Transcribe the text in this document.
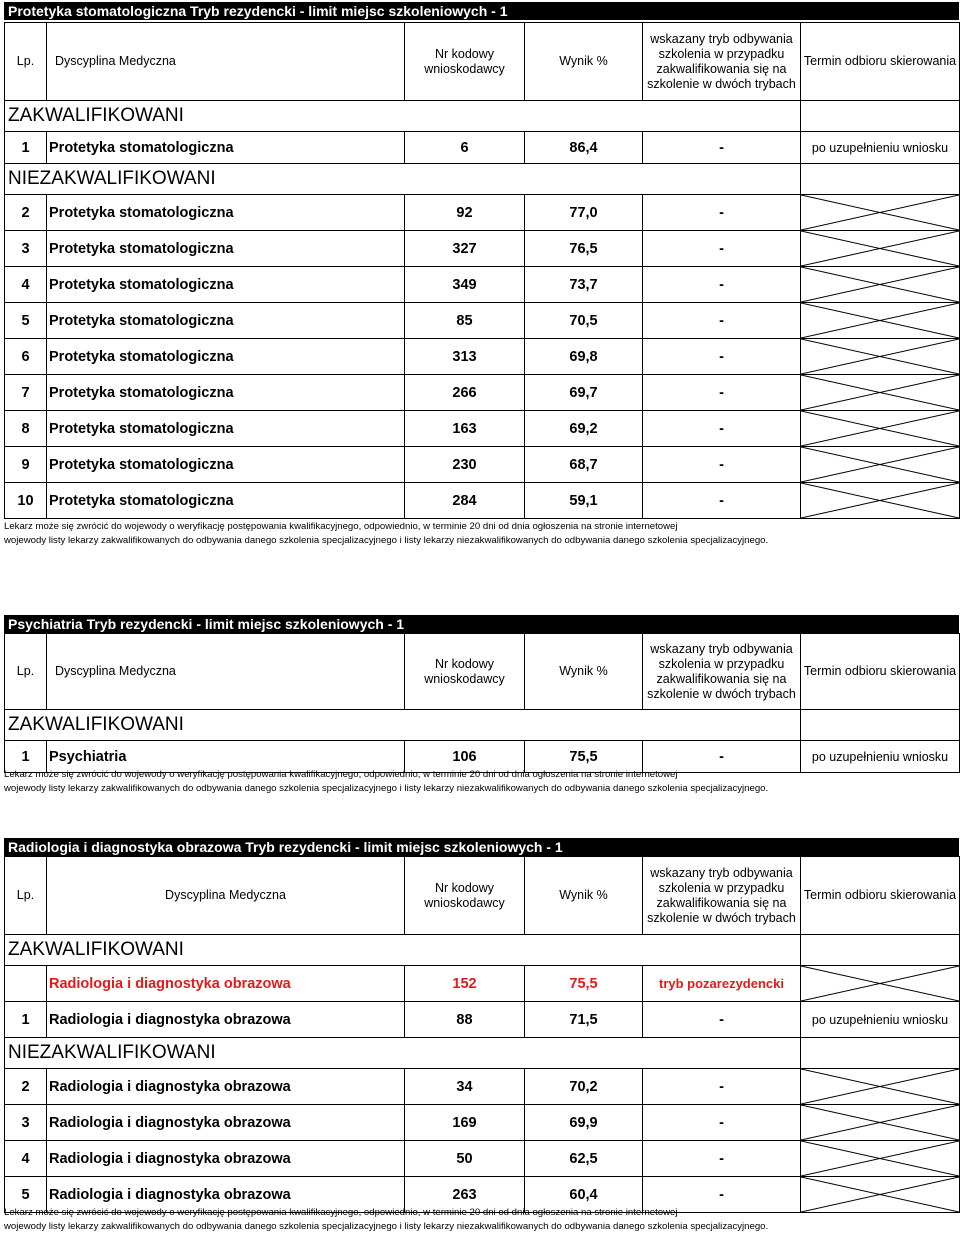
Protetyka stomatologiczna Tryb rezydencki - limit miejsc szkoleniowych - 1
Lp.	Dyscyplina Medyczna	Nr kodowy wnioskodawcy	Wynik %	wskazany tryb odbywania szkolenia w przypadku zakwalifikowania się na szkolenie w dwóch trybach	Termin odbioru skierowania
ZAKWALIFIKOWANI					
1	Protetyka stomatologiczna	6	86,4	-	po uzupełnieniu wniosku
NIEZAKWALIFIKOWANI					
2	Protetyka stomatologiczna	92	77,0	-	

3	Protetyka stomatologiczna	327	76,5	-	

4	Protetyka stomatologiczna	349	73,7	-	

5	Protetyka stomatologiczna	85	70,5	-	

6	Protetyka stomatologiczna	313	69,8	-	

7	Protetyka stomatologiczna	266	69,7	-	

8	Protetyka stomatologiczna	163	69,2	-	

9	Protetyka stomatologiczna	230	68,7	-	

10	Protetyka stomatologiczna	284	59,1	-	
Lekarz może się zwrócić do wojewody o weryfikację postępowania kwalifikacyjnego, odpowiednio, w terminie 20 dni od dnia ogłoszenia na stronie internetowej
wojewody listy lekarzy zakwalifikowanych do odbywania danego szkolenia specjalizacyjnego i listy lekarzy niezakwalifikowanych do odbywania danego szkolenia specjalizacyjnego.
Psychiatria Tryb rezydencki - limit miejsc szkoleniowych - 1
Lp.	Dyscyplina Medyczna	Nr kodowy wnioskodawcy	Wynik %	wskazany tryb odbywania szkolenia w przypadku zakwalifikowania się na szkolenie w dwóch trybach	Termin odbioru skierowania
ZAKWALIFIKOWANI					
1	Psychiatria	106	75,5	-	po uzupełnieniu wniosku
Lekarz może się zwrócić do wojewody o weryfikację postępowania kwalifikacyjnego, odpowiednio, w terminie 20 dni od dnia ogłoszenia na stronie internetowej
wojewody listy lekarzy zakwalifikowanych do odbywania danego szkolenia specjalizacyjnego i listy lekarzy niezakwalifikowanych do odbywania danego szkolenia specjalizacyjnego.
Radiologia i diagnostyka obrazowa Tryb rezydencki - limit miejsc szkoleniowych - 1
Lp.	Dyscyplina Medyczna	Nr kodowy wnioskodawcy	Wynik %	wskazany tryb odbywania szkolenia w przypadku zakwalifikowania się na szkolenie w dwóch trybach	Termin odbioru skierowania
ZAKWALIFIKOWANI					
	Radiologia i diagnostyka obrazowa	152	75,5	tryb pozarezydencki	

1	Radiologia i diagnostyka obrazowa	88	71,5	-	po uzupełnieniu wniosku
NIEZAKWALIFIKOWANI					
2	Radiologia i diagnostyka obrazowa	34	70,2	-	

3	Radiologia i diagnostyka obrazowa	169	69,9	-	

4	Radiologia i diagnostyka obrazowa	50	62,5	-	

5	Radiologia i diagnostyka obrazowa	263	60,4	-	
Lekarz może się zwrócić do wojewody o weryfikację postępowania kwalifikacyjnego, odpowiednio, w terminie 20 dni od dnia ogłoszenia na stronie internetowej
wojewody listy lekarzy zakwalifikowanych do odbywania danego szkolenia specjalizacyjnego i listy lekarzy niezakwalifikowanych do odbywania danego szkolenia specjalizacyjnego.
